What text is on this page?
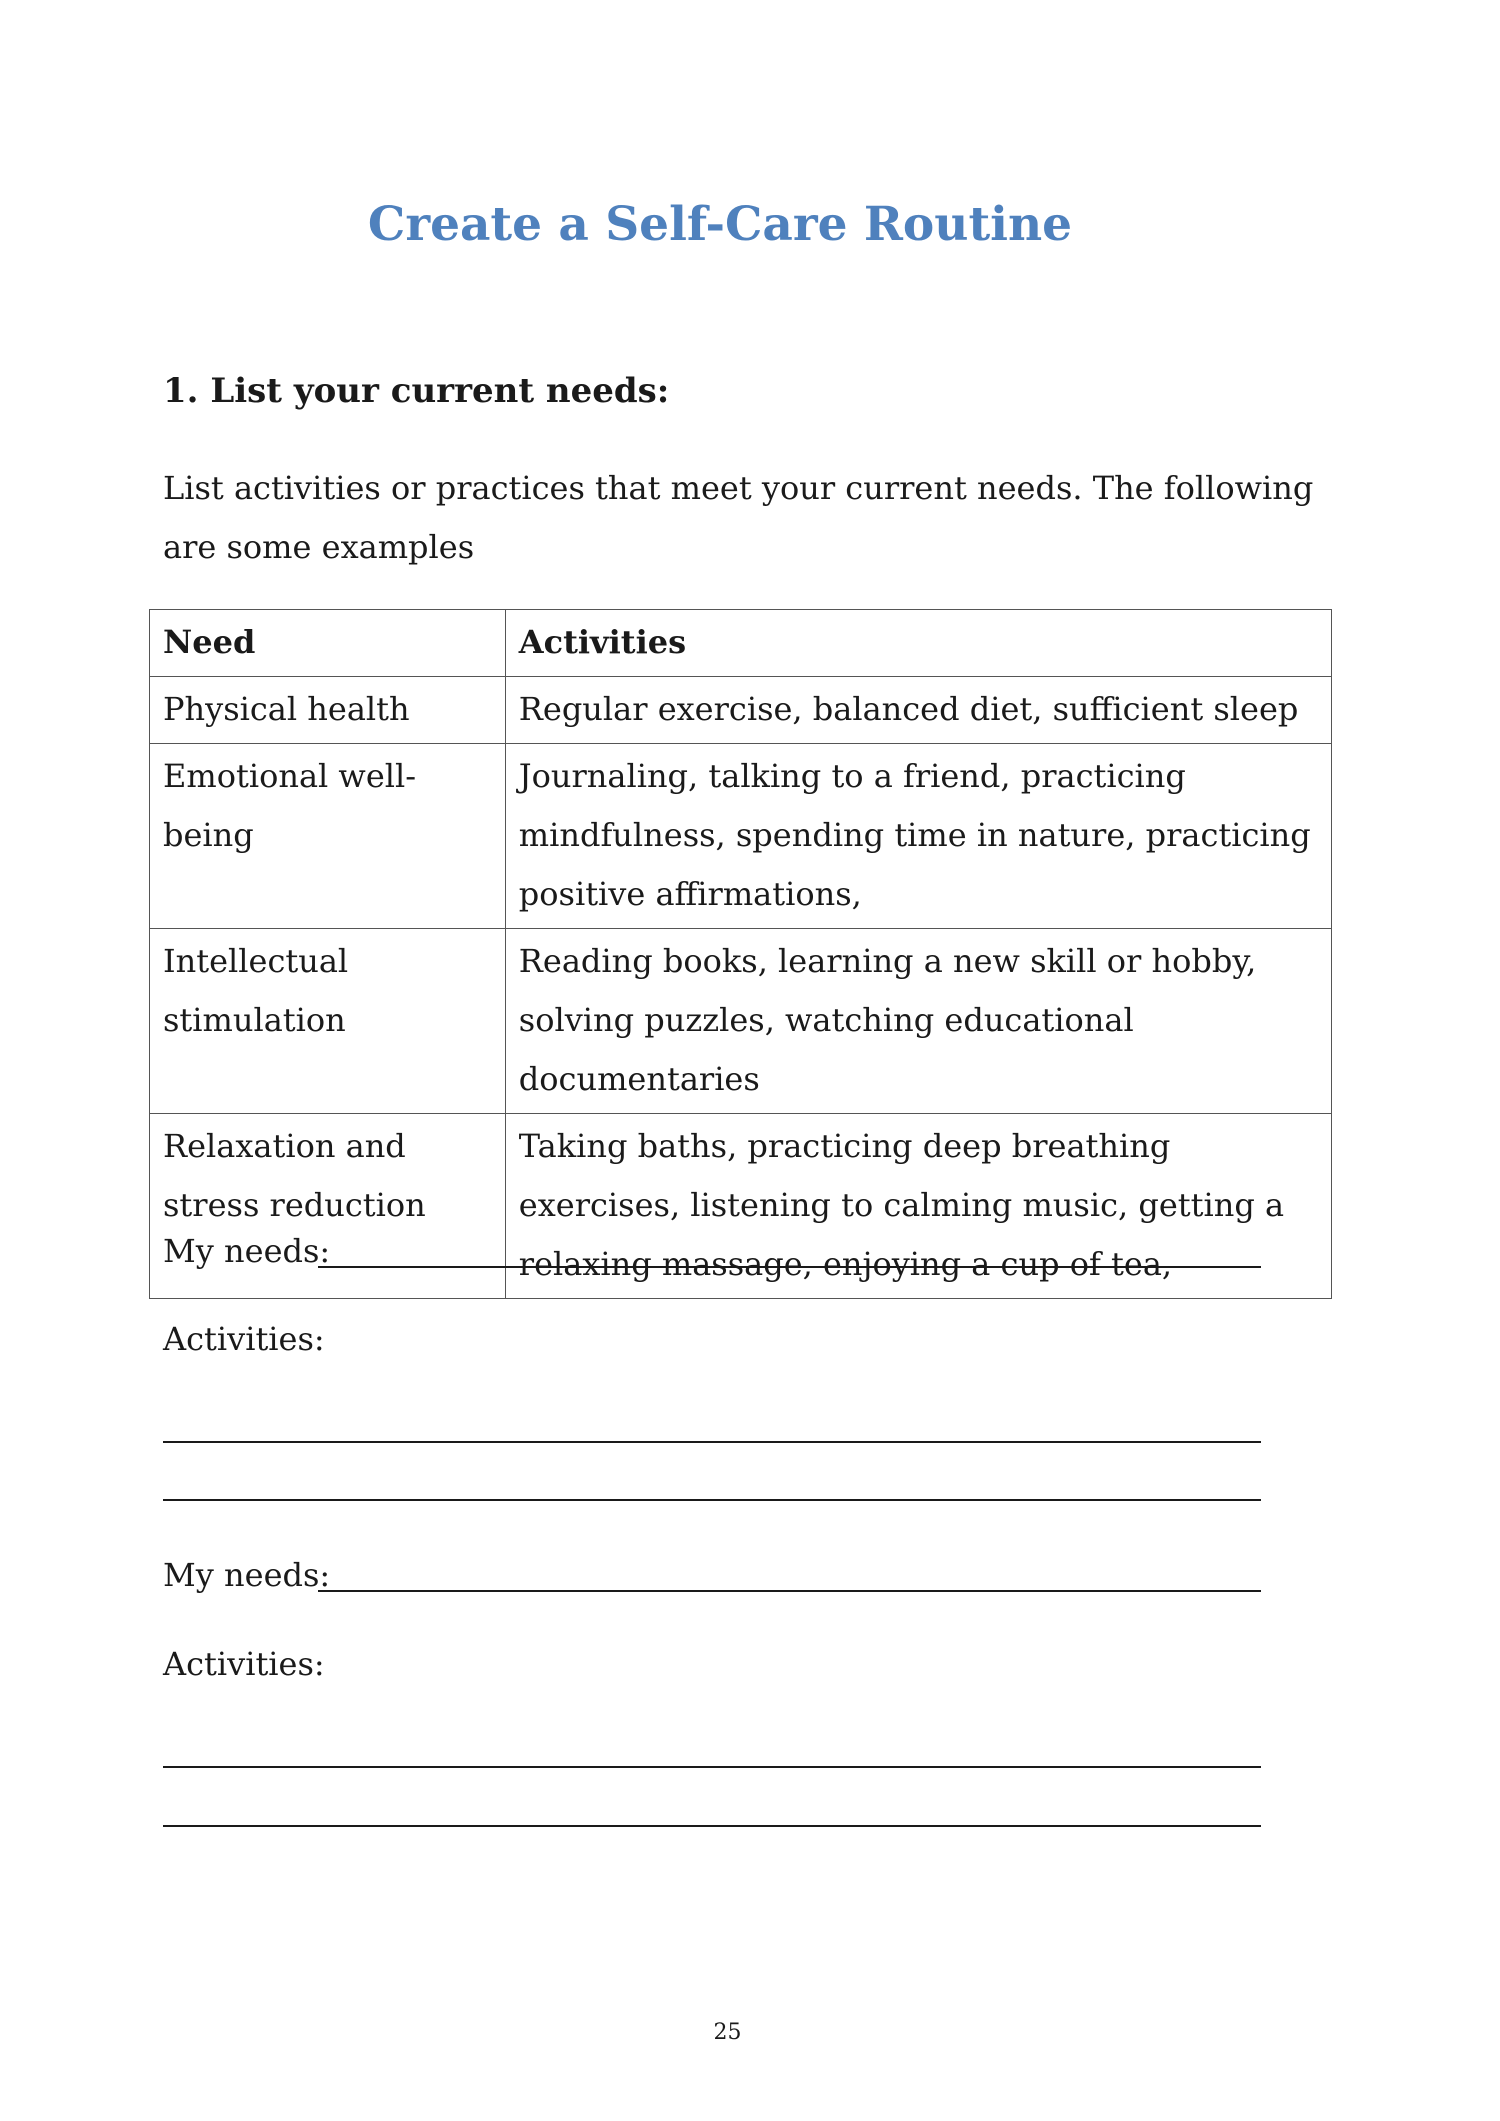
Create a Self-Care Routine
1. List your current needs:
List activities or practices that meet your current needs. The following are some examples
Need	Activities
Physical health	Regular exercise, balanced diet, sufficient sleep
Emotional well-being	Journaling, talking to a friend, practicing mindfulness, spending time in nature, practicing positive affirmations,
Intellectual stimulation	Reading books, learning a new skill or hobby, solving puzzles, watching educational documentaries
Relaxation and stress reduction	Taking baths, practicing deep breathing exercises, listening to calming music, getting a relaxing massage, enjoying a cup of tea,
My needs:
Activities:
My needs:
Activities:
25
